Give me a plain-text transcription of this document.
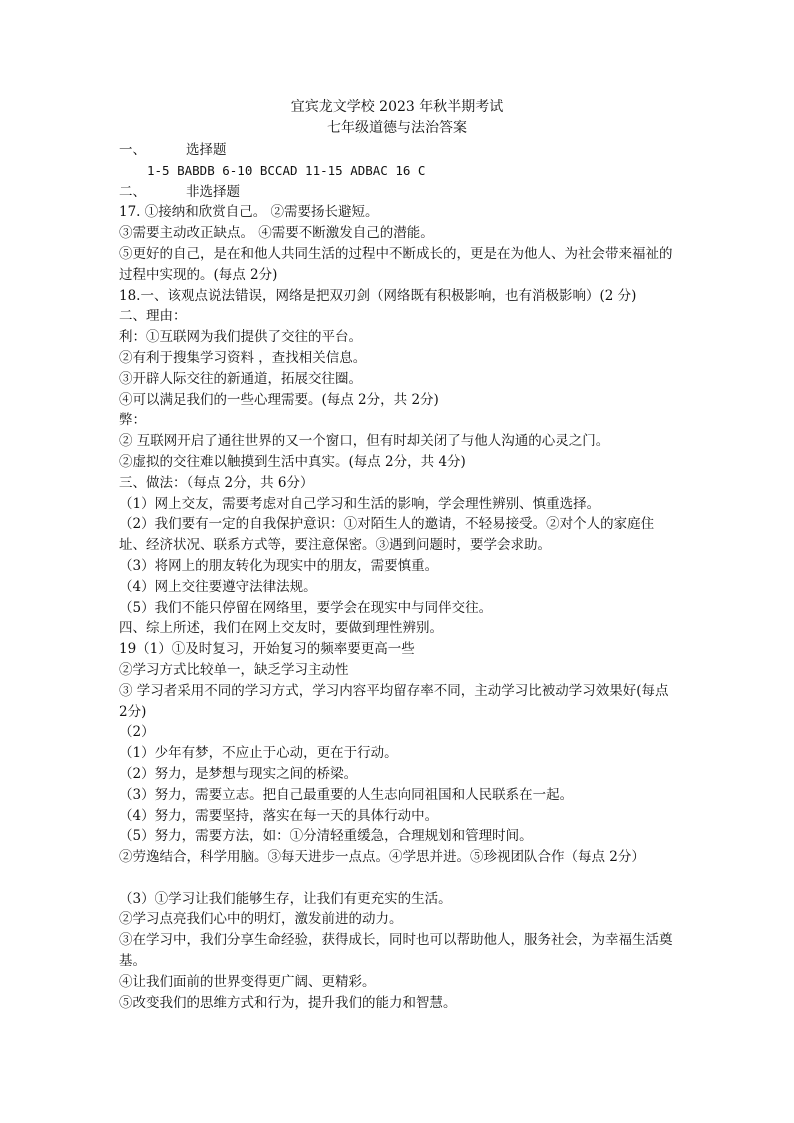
宜宾龙文学校 2023 年秋半期考试
七年级道德与法治答案
一、	选择题
1-5 BABDB 6-10 BCCAD 11-15 ADBAC 16 C
二、	非选择题
17. ①接纳和欣赏自己。 ②需要扬长避短。
③需要主动改正缺点。 ④需要不断激发自己的潜能。
⑤更好的自己，是在和他人共同生活的过程中不断成长的，更是在为他人、为社会带来福祉的过程中实现的。(每点 2分)
18.一、该观点说法错误，网络是把双刃剑（网络既有积极影响，也有消极影响）(2 分)
二、理由：
利：①互联网为我们提供了交往的平台。
②有利于搜集学习资料 ，查找相关信息。
③开辟人际交往的新通道，拓展交往圈。
④可以满足我们的一些心理需要。(每点 2分，共 2分)
弊：
② 互联网开启了通往世界的又一个窗口，但有时却关闭了与他人沟通的心灵之门。
②虚拟的交往难以触摸到生活中真实。(每点 2分，共 4分)
三、做法：（每点 2分，共 6分）
（1）网上交友，需要考虑对自己学习和生活的影响，学会理性辨别、慎重选择。
（2）我们要有一定的自我保护意识：①对陌生人的邀请，不轻易接受。②对个人的家庭住址、经济状况、联系方式等，要注意保密。③遇到问题时，要学会求助。
（3）将网上的朋友转化为现实中的朋友，需要慎重。
（4）网上交往要遵守法律法规。
（5）我们不能只停留在网络里，要学会在现实中与同伴交往。
四、综上所述，我们在网上交友时，要做到理性辨别。
19（1）①及时复习，开始复习的频率要更高一些
②学习方式比较单一，缺乏学习主动性
③ 学习者采用不同的学习方式，学习内容平均留存率不同，主动学习比被动学习效果好(每点 2分)
（2）
（1）少年有梦，不应止于心动，更在于行动。
（2）努力，是梦想与现实之间的桥梁。
（3）努力，需要立志。把自己最重要的人生志向同祖国和人民联系在一起。
（4）努力，需要坚持，落实在每一天的具体行动中。
（5）努力，需要方法，如：①分清轻重缓急，合理规划和管理时间。
②劳逸结合，科学用脑。③每天进步一点点。④学思并进。⑤珍视团队合作（每点 2分）
（3）①学习让我们能够生存，让我们有更充实的生活。
②学习点亮我们心中的明灯，激发前进的动力。
③在学习中，我们分享生命经验，获得成长，同时也可以帮助他人，服务社会，为幸福生活奠基。
④让我们面前的世界变得更广阔、更精彩。
⑤改变我们的思维方式和行为，提升我们的能力和智慧。
